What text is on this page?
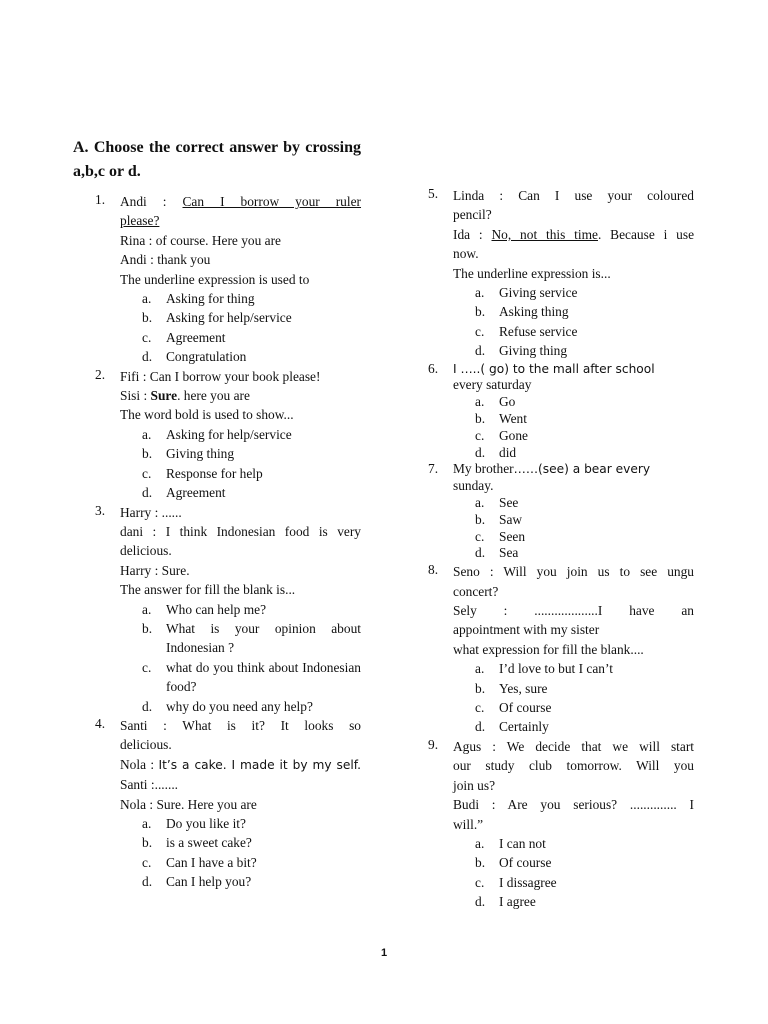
A. Choose the correct answer by crossing a,b,c or d.
1. Andi : Can I borrow your ruler
please?
Rina : of course. Here you are
Andi : thank you
The underline expression is used to
a. Asking for thing
b. Asking for help/service
c. Agreement
d. Congratulation
2. Fifi : Can I borrow your book please!
Sisi : Sure. here you are
The word bold is used to show...
a. Asking for help/service
b. Giving thing
c. Response for help
d. Agreement
3. Harry : ......
dani : I think Indonesian food is very
delicious.
Harry : Sure.
The answer for fill the blank is...
a. Who can help me?
b. What is your opinion about Indonesian ?
c. what do you think about Indonesian food?
d. why do you need any help?
4. Santi : What is it? It looks so
delicious.
Nola : It’s a cake. I made it by my self.
Santi :.......
Nola : Sure. Here you are
a. Do you like it?
b. is a sweet cake?
c. Can I have a bit?
d. Can I help you?
5. Linda : Can I use your coloured
pencil?
Ida : No, not this time. Because i use
now.
The underline expression is...
a. Giving service
b. Asking thing
c. Refuse service
d. Giving thing
6. I …..( go) to the mall after school
every saturday
a. Go
b. Went
c. Gone
d. did
7. My brother……(see) a bear every
sunday.
a. See
b. Saw
c. Seen
d. Sea
8. Seno : Will you join us to see ungu
concert?
Sely : ...................I have an
appointment with my sister
what expression for fill the blank....
a. I’d love to but I can’t
b. Yes, sure
c. Of course
d. Certainly
9. Agus : We decide that we will start
our study club tomorrow. Will you
join us?
Budi : Are you serious? .............. I
will.”
a. I can not
b. Of course
c. I dissagree
d. I agree
1
